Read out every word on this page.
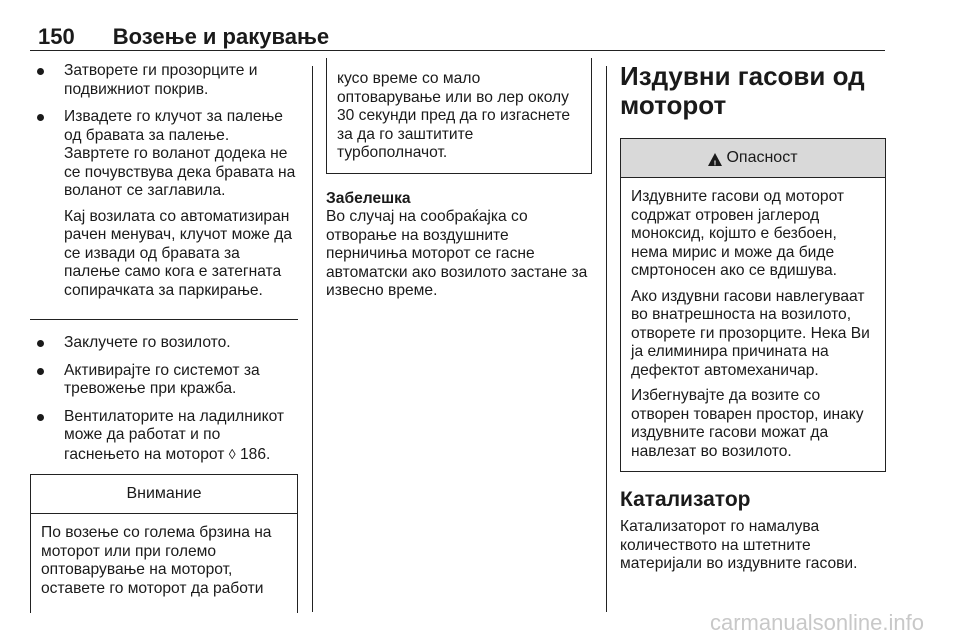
150 Возење и ракување
Затворете ги прозорците и подвижниот покрив.
Извадете го клучот за палење од бравата за палење. Завртете го воланот додека не се почувствува дека бравата на воланот се заглавила.
Кај возилата со автоматизиран рачен менувач, клучот може да се извади од бравата за палење само кога е затегната сопирачката за паркирање.
Заклучете го возилото.
Активирајте го системот за тревожење при кражба.
Вентилаторите на ладилникот може да работат и по гаснењето на моторот ◊ 186.
Внимание
По возење со голема брзина на моторот или при големо оптоварување на моторот, оставете го моторот да работи
кусо време со мало оптоварување или во лер околу 30 секунди пред да го изгаснете за да го заштитите турбополначот.
Забелешка
Во случај на сообраќајка со отворање на воздушните перничиња моторот се гасне автоматски ако возилото застане за извесно време.
Издувни гасови од моторот
!
Опасност

Издувните гасови од моторот содржат отровен јаглерод моноксид, којшто е безбоен, нема мирис и може да биде смртоносен ако се вдишува.

Ако издувни гасови навлегуваат во внатрешноста на возилото, отворете ги прозорците. Нека Ви ја елиминира причината на дефектот автомеханичар.

Избегнувајте да возите со отворен товарен простор, инаку издувните гасови можат да навлезат во возилото.

Катализатор
Катализаторот го намалува количеството на штетните материјали во издувните гасови.
carmanualsonline.info
